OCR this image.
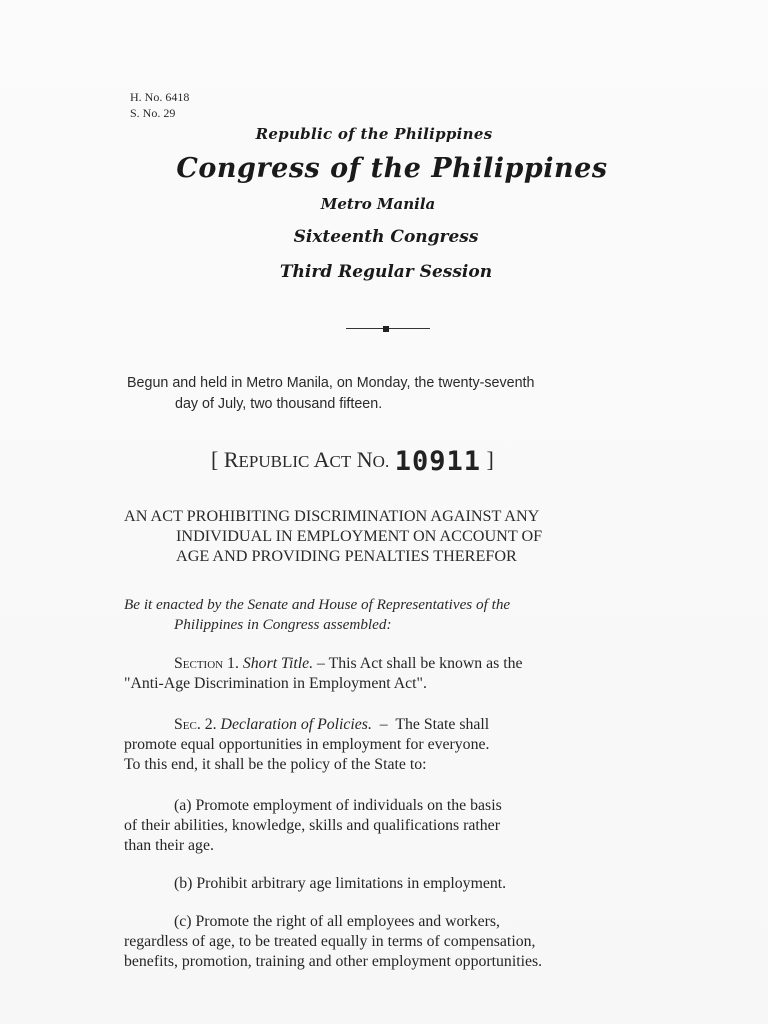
H. No. 6418
S. No. 29
Republic of the Philippines
Congress of the Philippines
Metro Manila
Sixteenth Congress
Third Regular Session
Begun and held in Metro Manila, on Monday, the twenty-seventh
day of July, two thousand fifteen.
[ REPUBLIC ACT NO. 10911 ]
AN ACT PROHIBITING DISCRIMINATION AGAINST ANY
INDIVIDUAL IN EMPLOYMENT ON ACCOUNT OF
AGE AND PROVIDING PENALTIES THEREFOR
Be it enacted by the Senate and House of Representatives of the
Philippines in Congress assembled:
Section 1. Short Title. – This Act shall be known as the
"Anti-Age Discrimination in Employment Act".
Sec. 2. Declaration of Policies.  –  The State shall
promote equal opportunities in employment for everyone.
To this end, it shall be the policy of the State to:
(a) Promote employment of individuals on the basis
of their abilities, knowledge, skills and qualifications rather
than their age.
(b) Prohibit arbitrary age limitations in employment.
(c) Promote the right of all employees and workers,
regardless of age, to be treated equally in terms of compensation,
benefits, promotion, training and other employment opportunities.
